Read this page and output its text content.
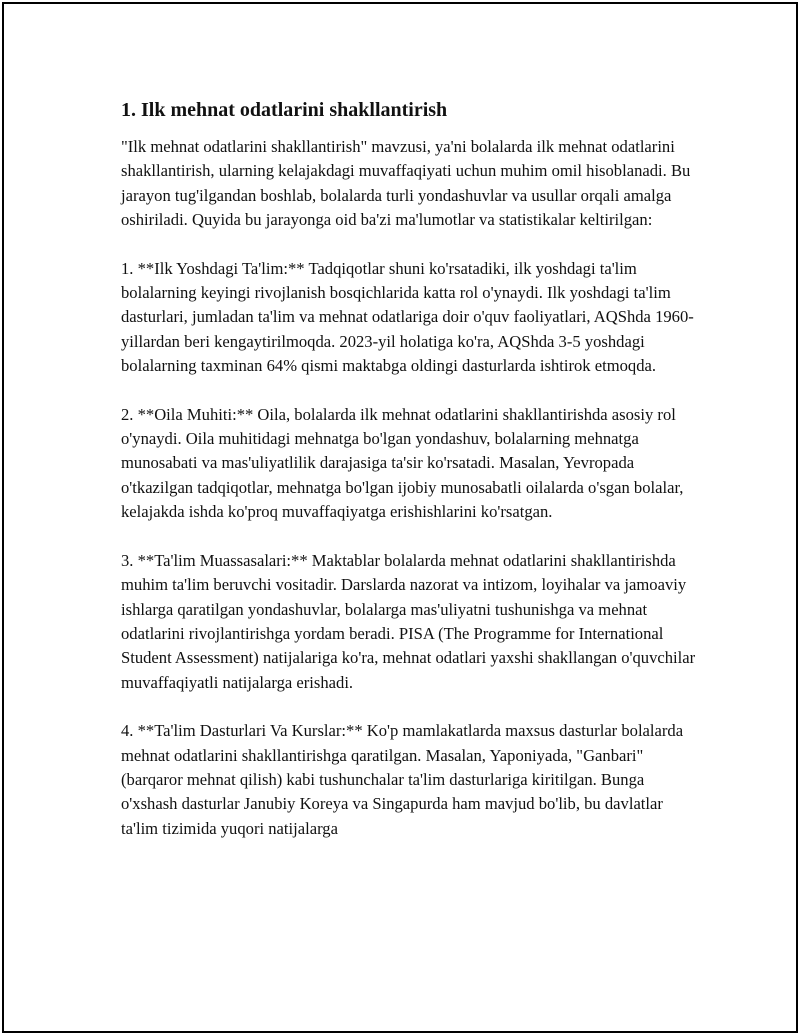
1. Ilk mehnat odatlarini shakllantirish

"Ilk mehnat odatlarini shakllantirish" mavzusi, ya'ni bolalarda ilk mehnat odatlarini shakllantirish, ularning kelajakdagi muvaffaqiyati uchun muhim omil hisoblanadi. Bu jarayon tug'ilgandan boshlab, bolalarda turli yondashuvlar va usullar orqali amalga oshiriladi. Quyida bu jarayonga oid ba'zi ma'lumotlar va statistikalar keltirilgan:

1. **Ilk Yoshdagi Ta'lim:** Tadqiqotlar shuni ko'rsatadiki, ilk yoshdagi ta'lim bolalarning keyingi rivojlanish bosqichlarida katta rol o'ynaydi. Ilk yoshdagi ta'lim dasturlari, jumladan ta'lim va mehnat odatlariga doir o'quv faoliyatlari, AQShda 1960-yillardan beri kengaytirilmoqda. 2023-yil holatiga ko'ra, AQShda 3-5 yoshdagi bolalarning taxminan 64% qismi maktabga oldingi dasturlarda ishtirok etmoqda.

2. **Oila Muhiti:** Oila, bolalarda ilk mehnat odatlarini shakllantirishda asosiy rol o'ynaydi. Oila muhitidagi mehnatga bo'lgan yondashuv, bolalarning mehnatga munosabati va mas'uliyatlilik darajasiga ta'sir ko'rsatadi. Masalan, Yevropada o'tkazilgan tadqiqotlar, mehnatga bo'lgan ijobiy munosabatli oilalarda o'sgan bolalar, kelajakda ishda ko'proq muvaffaqiyatga erishishlarini ko'rsatgan.

3. **Ta'lim Muassasalari:** Maktablar bolalarda mehnat odatlarini shakllantirishda muhim ta'lim beruvchi vositadir. Darslarda nazorat va intizom, loyihalar va jamoaviy ishlarga qaratilgan yondashuvlar, bolalarga mas'uliyatni tushunishga va mehnat odatlarini rivojlantirishga yordam beradi. PISA (The Programme for International Student Assessment) natijalariga ko'ra, mehnat odatlari yaxshi shakllangan o'quvchilar muvaffaqiyatli natijalarga erishadi.

4. **Ta'lim Dasturlari Va Kurslar:** Ko'p mamlakatlarda maxsus dasturlar bolalarda mehnat odatlarini shakllantirishga qaratilgan. Masalan, Yaponiyada, "Ganbari" (barqaror mehnat qilish) kabi tushunchalar ta'lim dasturlariga kiritilgan. Bunga o'xshash dasturlar Janubiy Koreya va Singapurda ham mavjud bo'lib, bu davlatlar ta'lim tizimida yuqori natijalarga
